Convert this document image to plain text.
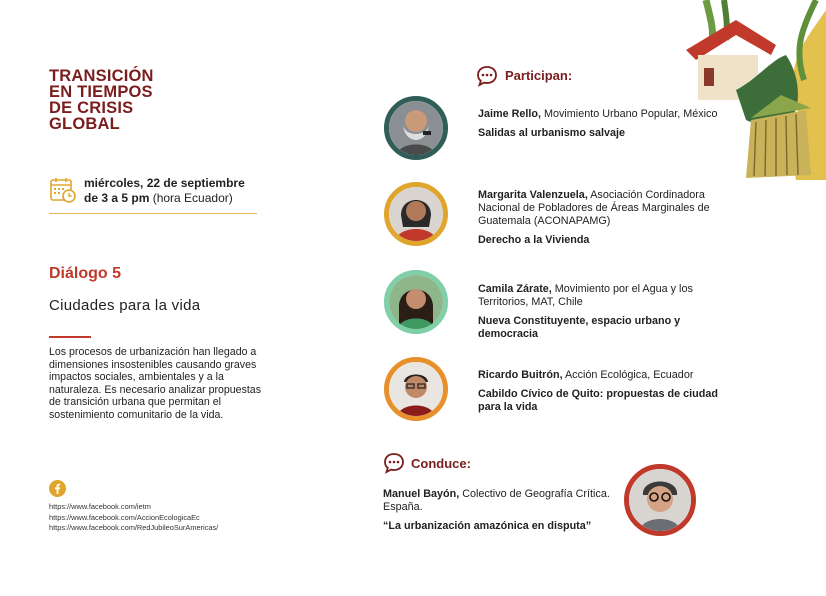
TRANSICIÓN
EN TIEMPOS
DE CRISIS
GLOBAL
miércoles, 22 de septiembre
de 3 a 5 pm (hora Ecuador)
Diálogo 5
Ciudades para la vida
Los procesos de urbanización han llegado a dimensiones insostenibles causando graves impactos sociales, ambientales y a la naturaleza. Es necesario analizar propuestas de transición urbana que permitan el sostenimiento comunitario de la vida.
https://www.facebook.com/ietm
https://www.facebook.com/AccionEcologicaEc
https://www.facebook.com/RedJubileoSurAmericas/
Participan:
Jaime Rello, Movimiento Urbano Popular, México
Salidas al urbanismo salvaje
Margarita Valenzuela, Asociación Cordinadora Nacional de Pobladores de Áreas Marginales de Guatemala (ACONAPAMG)
Derecho a la Vivienda
Camila Zárate, Movimiento por el Agua y los Territorios, MAT, Chile
Nueva Constituyente, espacio urbano y democracia
Ricardo Buitrón, Acción Ecológica, Ecuador
Cabildo Cívico de Quito: propuestas de ciudad para la vida
Conduce:
Manuel Bayón, Colectivo de Geografía Crítica. España.
“La urbanización amazónica en disputa”
